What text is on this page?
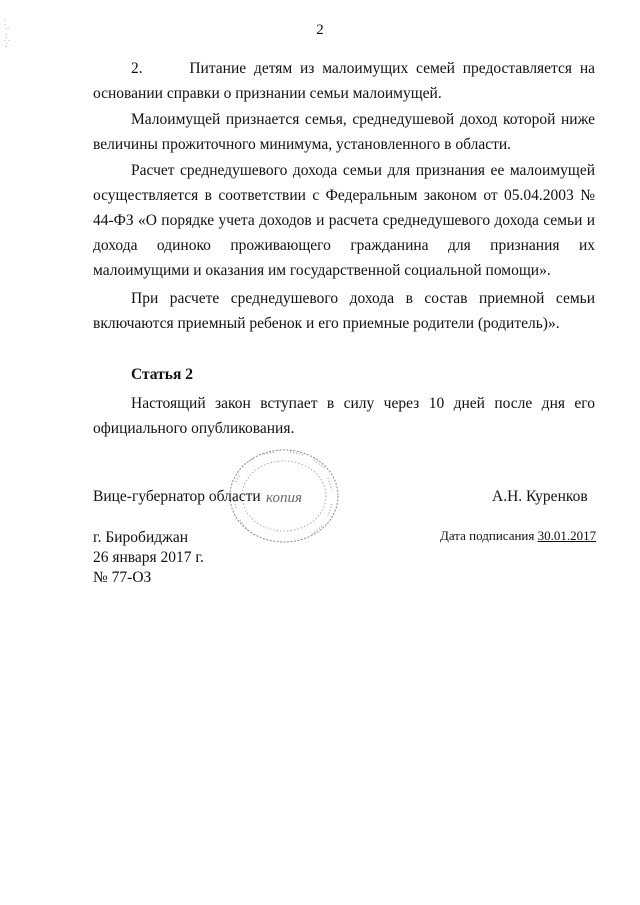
⁚
⁘
·
⁛
·
2

2.      Питание детям из малоимущих семей предоставляется на
основании справки о признании семьи малоимущей.

Малоимущей признается семья, среднедушевой доход которой ниже
величины прожиточного минимума, установленного в области.

Расчет среднедушевого дохода семьи для признания ее малоимущей
осуществляется в соответствии с Федеральным законом от 05.04.2003 № 44-ФЗ «О порядке учета доходов и расчета среднедушевого дохода семьи и дохода одиноко проживающего гражданина для признания их малоимущими и оказания им государственной социальной помощи».

При расчете среднедушевого дохода в состав приемной семьи
включаются приемный ребенок и его приемные родители (родитель)».

Статья 2

Настоящий закон вступает в силу через 10 дней после дня его
официального опубликования.

копия
Вице-губернатор области	А.Н. Куренков
г. Биробиджан
26 января 2017 г.
№ 77-ОЗ
Дата подписания 30.01.2017
